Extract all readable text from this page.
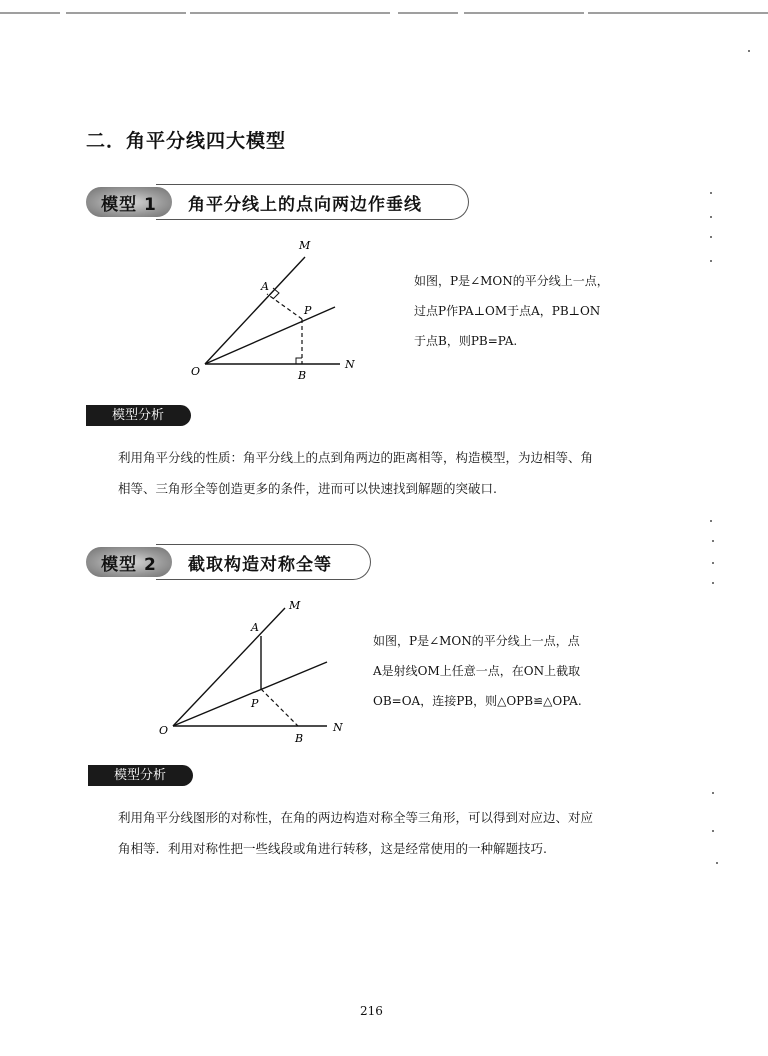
二．角平分线四大模型
模型 1	角平分线上的点向两边作垂线
M
A
P
O	B
N

如图，P是∠MON的平分线上一点，

过点P作PA⊥OM于点A，PB⊥ON

于点B，则PB=PA.

模型分析

利用角平分线的性质：角平分线上的点到角两边的距离相等，构造模型，为边相等、角

相等、三角形全等创造更多的条件，进而可以快速找到解题的突破口.

模型 2	截取构造对称全等
M
A
P
O
B
N

如图，P是∠MON的平分线上一点，点

A是射线OM上任意一点，在ON上截取

OB=OA，连接PB，则△OPB≌△OPA.

模型分析

利用角平分线图形的对称性，在角的两边构造对称全等三角形，可以得到对应边、对应

角相等．利用对称性把一些线段或角进行转移，这是经常使用的一种解题技巧.

216
